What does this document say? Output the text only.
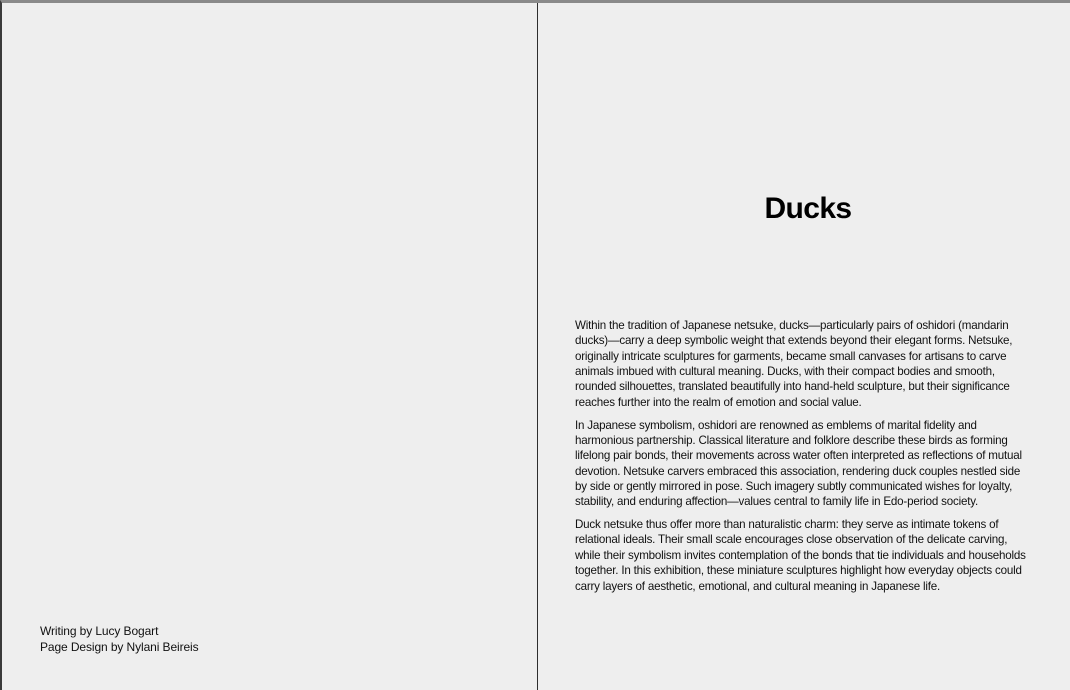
Writing by Lucy Bogart
Page Design by Nylani Beireis
Ducks

Within the tradition of Japanese netsuke, ducks—particularly pairs of oshidori (mandarin ducks)—carry a deep symbolic weight that extends beyond their elegant forms. Netsuke, originally intricate sculptures for garments, became small canvases for artisans to carve animals imbued with cultural meaning. Ducks, with their compact bodies and smooth, rounded silhouettes, translated beautifully into hand-held sculpture, but their significance reaches further into the realm of emotion and social value.

In Japanese symbolism, oshidori are renowned as emblems of marital fidelity and harmonious partnership. Classical literature and folklore describe these birds as forming lifelong pair bonds, their movements across water often interpreted as reflections of mutual devotion. Netsuke carvers embraced this association, rendering duck couples nestled side by side or gently mirrored in pose. Such imagery subtly communicated wishes for loyalty, stability, and enduring affection—values central to family life in Edo-period society.

Duck netsuke thus offer more than naturalistic charm: they serve as intimate tokens of relational ideals. Their small scale encourages close observation of the delicate carving, while their symbolism invites contemplation of the bonds that tie individuals and households together. In this exhibition, these miniature sculptures highlight how everyday objects could carry layers of aesthetic, emotional, and cultural meaning in Japanese life.
